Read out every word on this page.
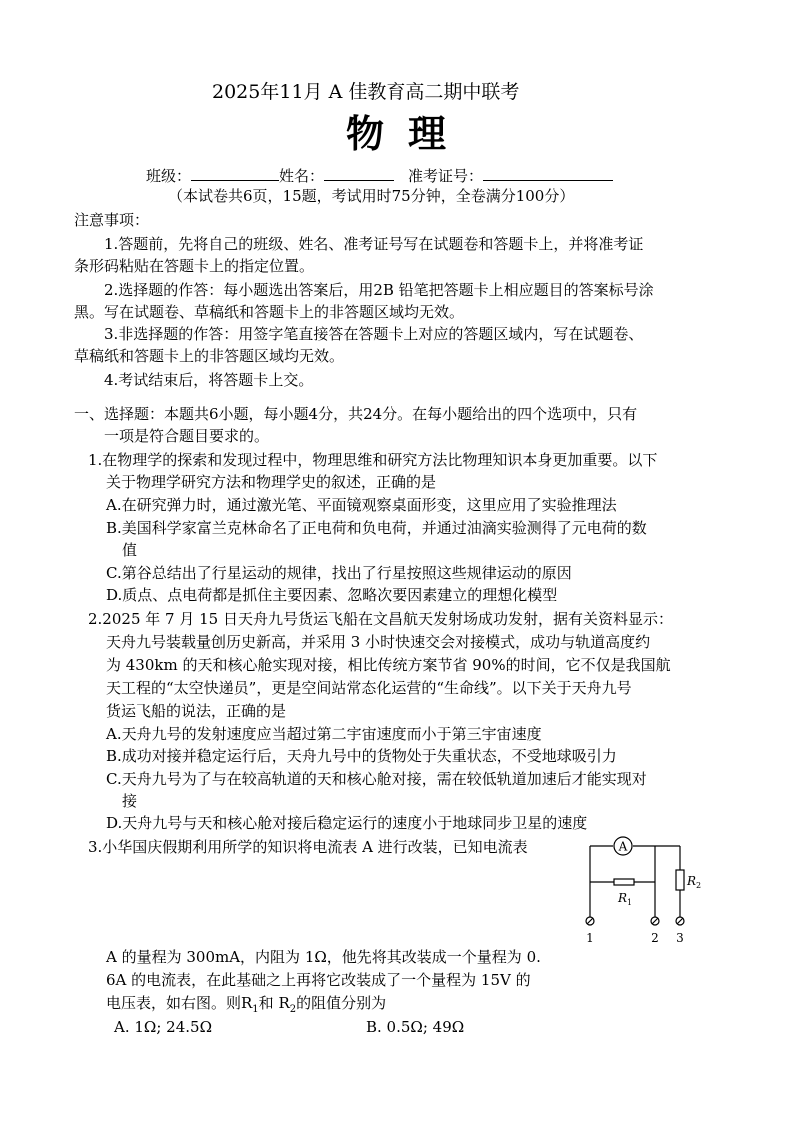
2025年11月 A 佳教育高二期中联考
物理
班级：	姓名：	准考证号：
（本试卷共6页，15题，考试用时75分钟，全卷满分100分）
注意事项：
1.答题前，先将自己的班级、姓名、准考证号写在试题卷和答题卡上，并将准考证
条形码粘贴在答题卡上的指定位置。
2.选择题的作答：每小题选出答案后，用2B 铅笔把答题卡上相应题目的答案标号涂
黑。写在试题卷、草稿纸和答题卡上的非答题区域均无效。
3.非选择题的作答：用签字笔直接答在答题卡上对应的答题区域内，写在试题卷、
草稿纸和答题卡上的非答题区域均无效。
4.考试结束后，将答题卡上交。
一、选择题：本题共6小题，每小题4分，共24分。在每小题给出的四个选项中，只有
一项是符合题目要求的。
1.在物理学的探索和发现过程中，物理思维和研究方法比物理知识本身更加重要。以下
关于物理学研究方法和物理学史的叙述，正确的是
A.在研究弹力时，通过激光笔、平面镜观察桌面形变，这里应用了实验推理法
B.美国科学家富兰克林命名了正电荷和负电荷，并通过油滴实验测得了元电荷的数
值
C.第谷总结出了行星运动的规律，找出了行星按照这些规律运动的原因
D.质点、点电荷都是抓住主要因素、忽略次要因素建立的理想化模型
2.2025 年 7 月 15 日天舟九号货运飞船在文昌航天发射场成功发射，据有关资料显示：
天舟九号装载量创历史新高，并采用 3 小时快速交会对接模式，成功与轨道高度约
为 430km 的天和核心舱实现对接，相比传统方案节省 90%的时间，它不仅是我国航
天工程的“太空快递员”，更是空间站常态化运营的“生命线”。以下关于天舟九号
货运飞船的说法，正确的是
A.天舟九号的发射速度应当超过第二宇宙速度而小于第三宇宙速度
B.成功对接并稳定运行后，天舟九号中的货物处于失重状态，不受地球吸引力
C.天舟九号为了与在较高轨道的天和核心舱对接，需在较低轨道加速后才能实现对
接
D.天舟九号与天和核心舱对接后稳定运行的速度小于地球同步卫星的速度
3.小华国庆假期利用所学的知识将电流表 A 进行改装，已知电流表	A
$R_1$
$R_2$
1	2 3
A 的量程为 300mA，内阻为 1Ω，他先将其改装成一个量程为 0.
6A 的电流表，在此基础之上再将它改装成了一个量程为 15V 的
电压表，如右图。则$R_1$和 $R_2$的阻值分别为
A. 1Ω; 24.5Ω	B. 0.5Ω; 49Ω
